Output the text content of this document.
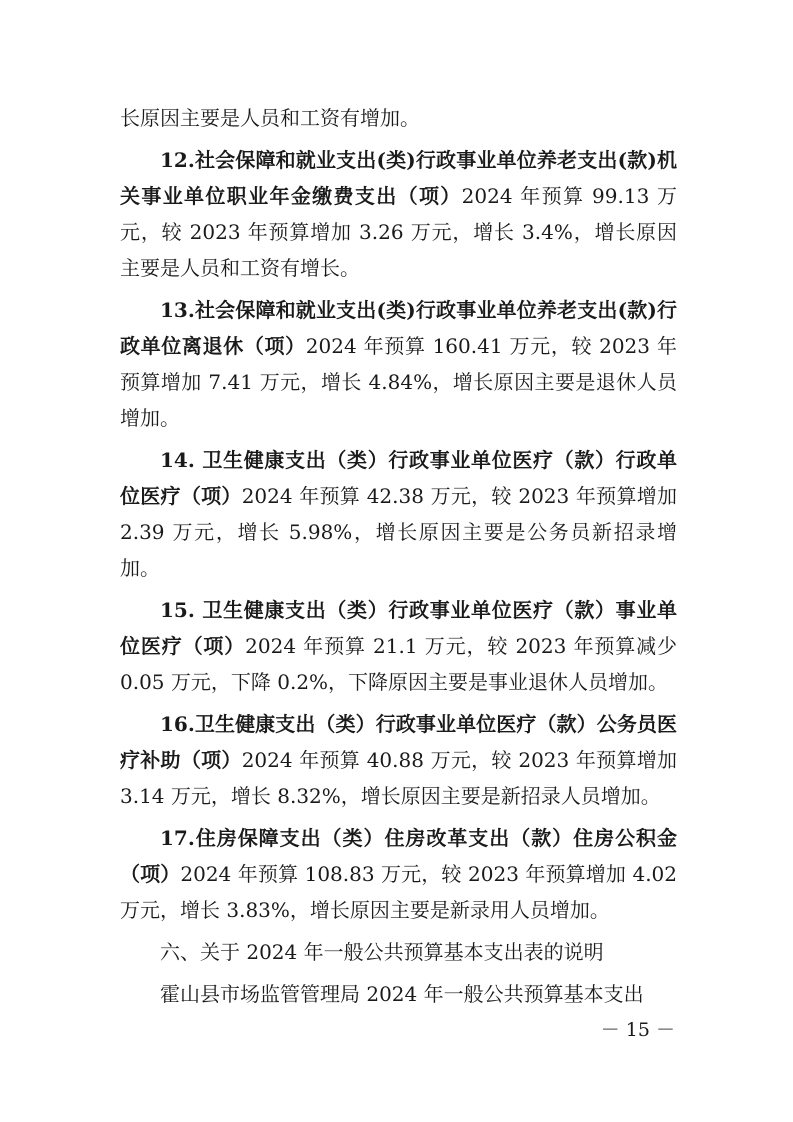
长原因主要是人员和工资有增加。

12.社会保障和就业支出(类)行政事业单位养老支出(款)机关事业单位职业年金缴费支出（项）2024 年预算 99.13 万元，较 2023 年预算增加 3.26 万元，增长 3.4%，增长原因主要是人员和工资有增长。

13.社会保障和就业支出(类)行政事业单位养老支出(款)行政单位离退休（项）2024 年预算 160.41 万元，较 2023 年预算增加 7.41 万元，增长 4.84%，增长原因主要是退休人员增加。

14. 卫生健康支出（类）行政事业单位医疗（款）行政单位医疗（项）2024 年预算 42.38 万元，较 2023 年预算增加 2.39 万元，增长 5.98%，增长原因主要是公务员新招录增加。

15. 卫生健康支出（类）行政事业单位医疗（款）事业单位医疗（项）2024 年预算 21.1 万元，较 2023 年预算减少 0.05 万元，下降 0.2%，下降原因主要是事业退休人员增加。

16.卫生健康支出（类）行政事业单位医疗（款）公务员医疗补助（项）2024 年预算 40.88 万元，较 2023 年预算增加 3.14 万元，增长 8.32%，增长原因主要是新招录人员增加。

17.住房保障支出（类）住房改革支出（款）住房公积金（项）2024 年预算 108.83 万元，较 2023 年预算增加 4.02 万元，增长 3.83%，增长原因主要是新录用人员增加。

六、关于 2024 年一般公共预算基本支出表的说明

霍山县市场监管管理局 2024 年一般公共预算基本支出

－ 15 －
